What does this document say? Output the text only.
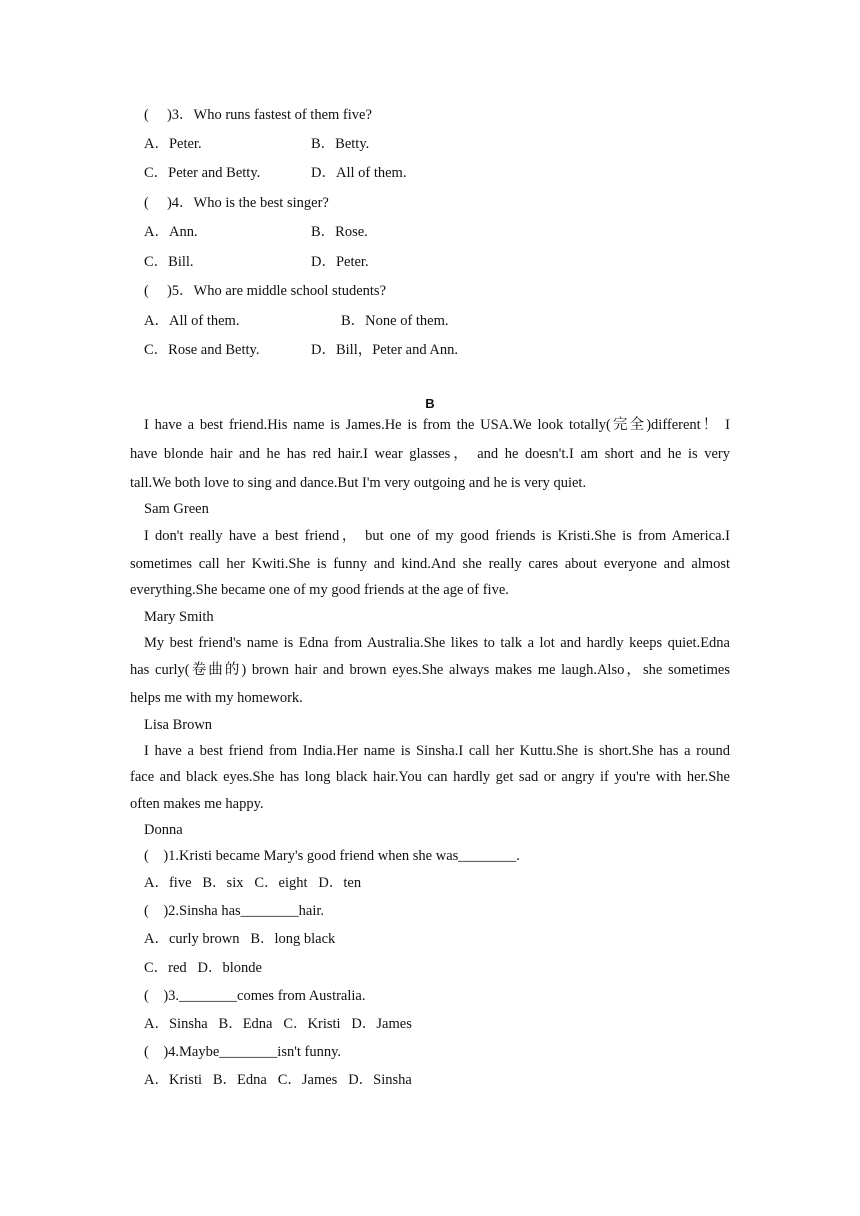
(     )3．Who runs fastest of them five?
A．Peter.	B．Betty.
C．Peter and Betty.	D．All of them.
(     )4．Who is the best singer?
A．Ann.	B．Rose.
C．Bill.	D．Peter.
(     )5．Who are middle school students?
A．All of them.	B．None of them.
C．Rose and Betty.	D．Bill，Peter and Ann.
B
I have a best friend.His name is James.He is from the USA.We look totally(完全)different！ I
have blonde hair and he has red hair.I wear glasses， and he doesn't.I am short and he is very
tall.We both love to sing and dance.But I'm very outgoing and he is very quiet.
Sam Green
I don't really have a best friend， but one of my good friends is Kristi.She is from America.I
sometimes call her Kwiti.She is funny and kind.And she really cares about everyone and almost
everything.She became one of my good friends at the age of five.
Mary Smith
My best friend's name is Edna from Australia.She likes to talk a lot and hardly keeps quiet.Edna
has curly(卷曲的) brown hair and brown eyes.She always makes me laugh.Also，she sometimes
helps me with my homework.
Lisa Brown
I have a best friend from India.Her name is Sinsha.I call her Kuttu.She is short.She has a round
face and black eyes.She has long black hair.You can hardly get sad or angry if you're with her.She
often makes me happy.
Donna
(    )1.Kristi became Mary's good friend when she was________.
A．five   B．six   C．eight   D．ten
(    )2.Sinsha has________hair.
A．curly brown   B．long black
C．red   D．blonde
(    )3.________comes from Australia.
A．Sinsha   B．Edna   C．Kristi   D．James
(    )4.Maybe________isn't funny.
A．Kristi   B．Edna   C．James   D．Sinsha
